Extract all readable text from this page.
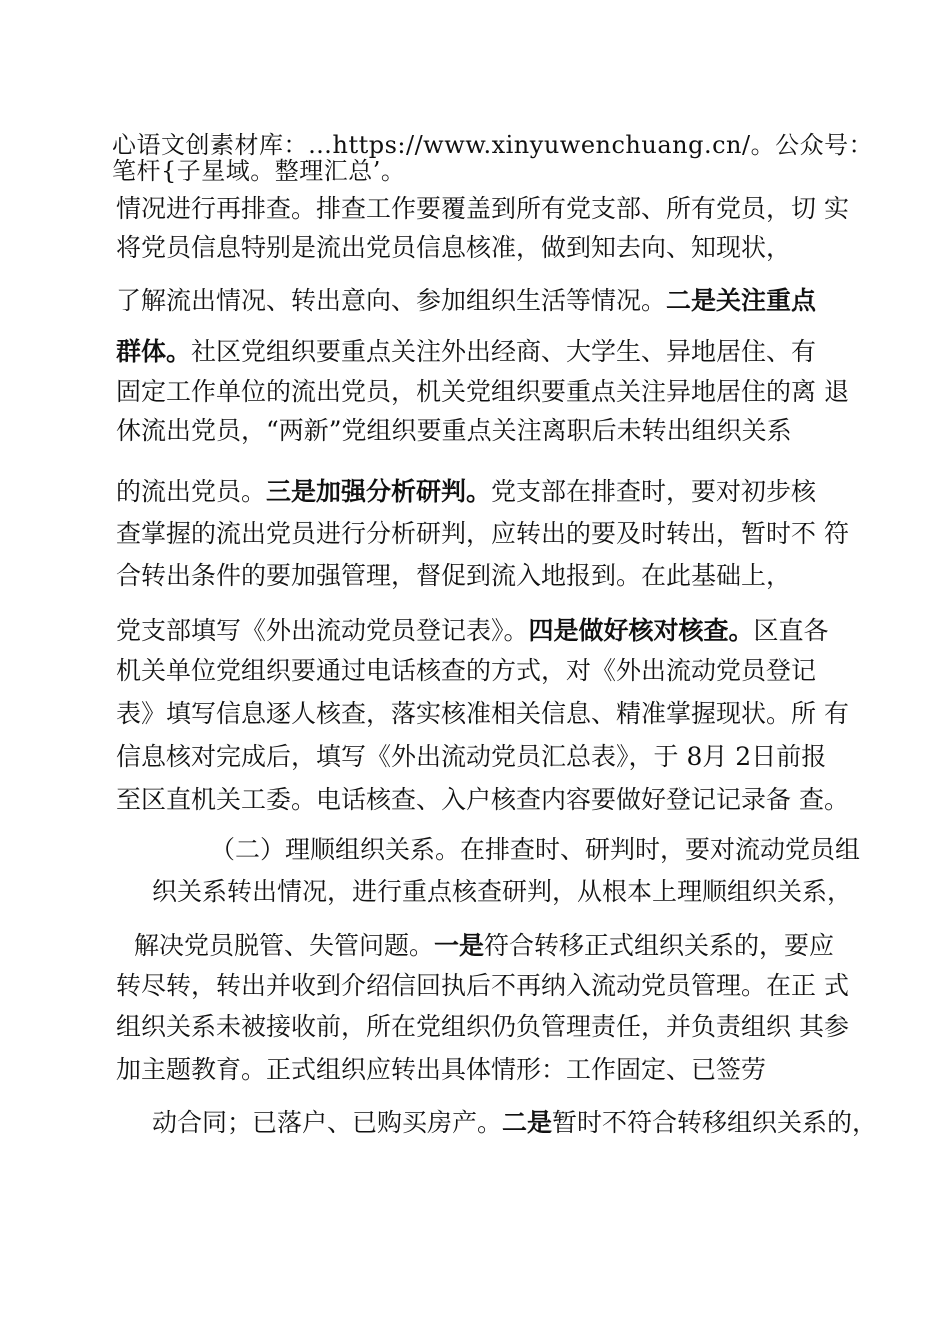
心语文创素材库：…https://www.xinyuwenchuang.cn/。公众号：
笔杆{子星域。整理汇总’。
情况进行再排查。排查工作要覆盖到所有党支部、所有党员，切 实
将党员信息特别是流出党员信息核准，做到知去向、知现状，
了解流出情况、转出意向、参加组织生活等情况。二是关注重点
群体。社区党组织要重点关注外出经商、大学生、异地居住、有
固定工作单位的流出党员，机关党组织要重点关注异地居住的离 退
休流出党员，“两新”党组织要重点关注离职后未转出组织关系
的流出党员。三是加强分析研判。党支部在排查时，要对初步核
查掌握的流出党员进行分析研判，应转出的要及时转出，暂时不 符
合转出条件的要加强管理，督促到流入地报到。在此基础上，
党支部填写《外出流动党员登记表》。四是做好核对核查。区直各
机关单位党组织要通过电话核查的方式，对《外出流动党员登记
表》填写信息逐人核查，落实核准相关信息、精准掌握现状。所 有
信息核对完成后，填写《外出流动党员汇总表》，于 8月 2日前报
至区直机关工委。电话核查、入户核查内容要做好登记记录备 查。
（二）理顺组织关系。在排查时、研判时，要对流动党员组
织关系转出情况，进行重点核查研判，从根本上理顺组织关系，
解决党员脱管、失管问题。一是符合转移正式组织关系的，要应
转尽转，转出并收到介绍信回执后不再纳入流动党员管理。在正 式
组织关系未被接收前，所在党组织仍负管理责任，并负责组织 其参
加主题教育。正式组织应转出具体情形：工作固定、已签劳
动合同；已落户、已购买房产。二是暂时不符合转移组织关系的，
